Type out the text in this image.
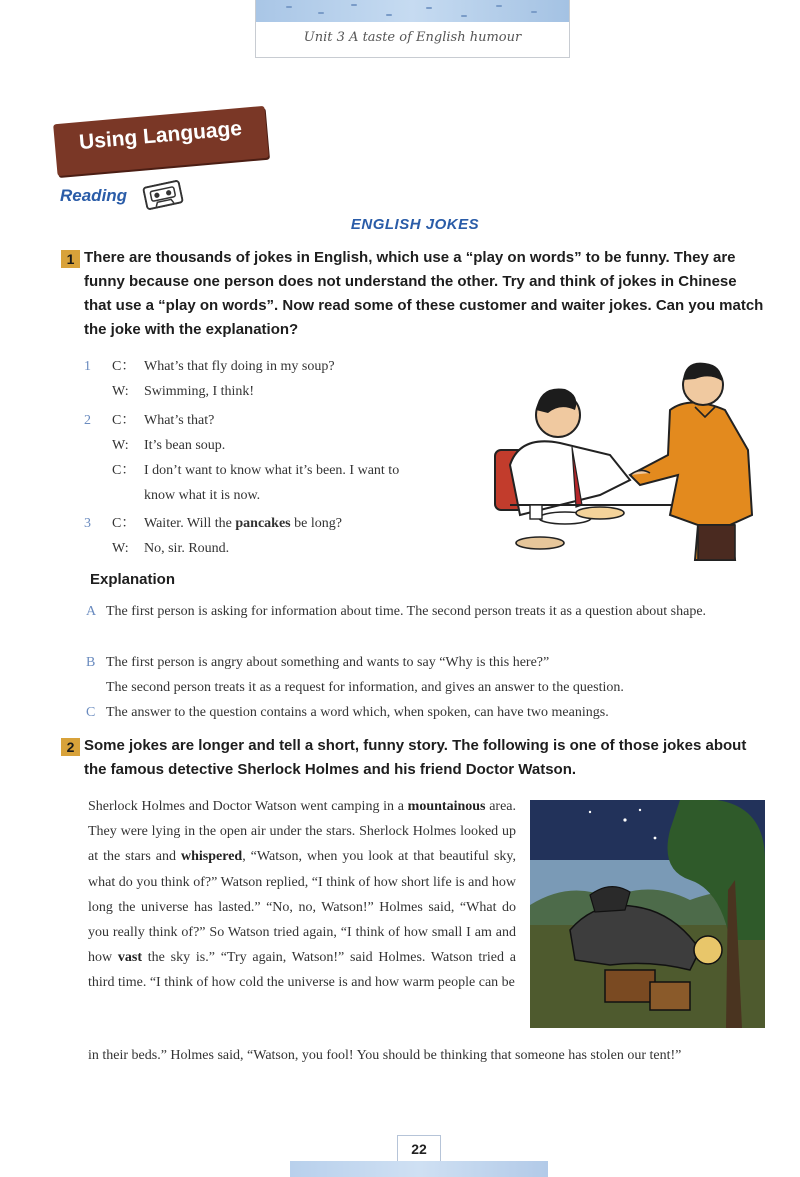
Unit 3 A taste of English humour
Using Language
Reading
ENGLISH JOKES
1 There are thousands of jokes in English, which use a “play on words” to be funny. They are funny because one person does not understand the other. Try and think of jokes in Chinese that use a “play on words”. Now read some of these customer and waiter jokes. Can you match the joke with the explanation?

1	C： What’s that fly doing in my soup?
W:	Swimming, I think!
2	C： What’s that?
W:	It’s bean soup.
C： I don’t want to know what it’s been. I want to
know what it is now.
3	C： Waiter. Will the pancakes be long?
W:	No, sir. Round.
Explanation
A The first person is asking for information about time. The second person treats it as a question about shape.
B The first person is angry about something and wants to say “Why is this here?”
The second person treats it as a request for information, and gives an answer to the question.
C The answer to the question contains a word which, when spoken, can have two meanings.
2 Some jokes are longer and tell a short, funny story. The following is one of those jokes about the famous detective Sherlock Holmes and his friend Doctor Watson.

Sherlock Holmes and Doctor Watson went camping in a mountainous area. They were lying in the open air under the stars. Sherlock Holmes looked up at the stars and whispered, “Watson, when you look at that beautiful sky, what do you think of?” Watson replied, “I think of how short life is and how long the universe has lasted.” “No, no, Watson!” Holmes said, “What do you really think of?” So Watson tried again, “I think of how small I am and how vast the sky is.” “Try again, Watson!” said Holmes. Watson tried a third time. “I think of how cold the universe is and how warm people can be
in their beds.” Holmes said, “Watson, you fool! You should be thinking that someone has stolen our tent!”
22
